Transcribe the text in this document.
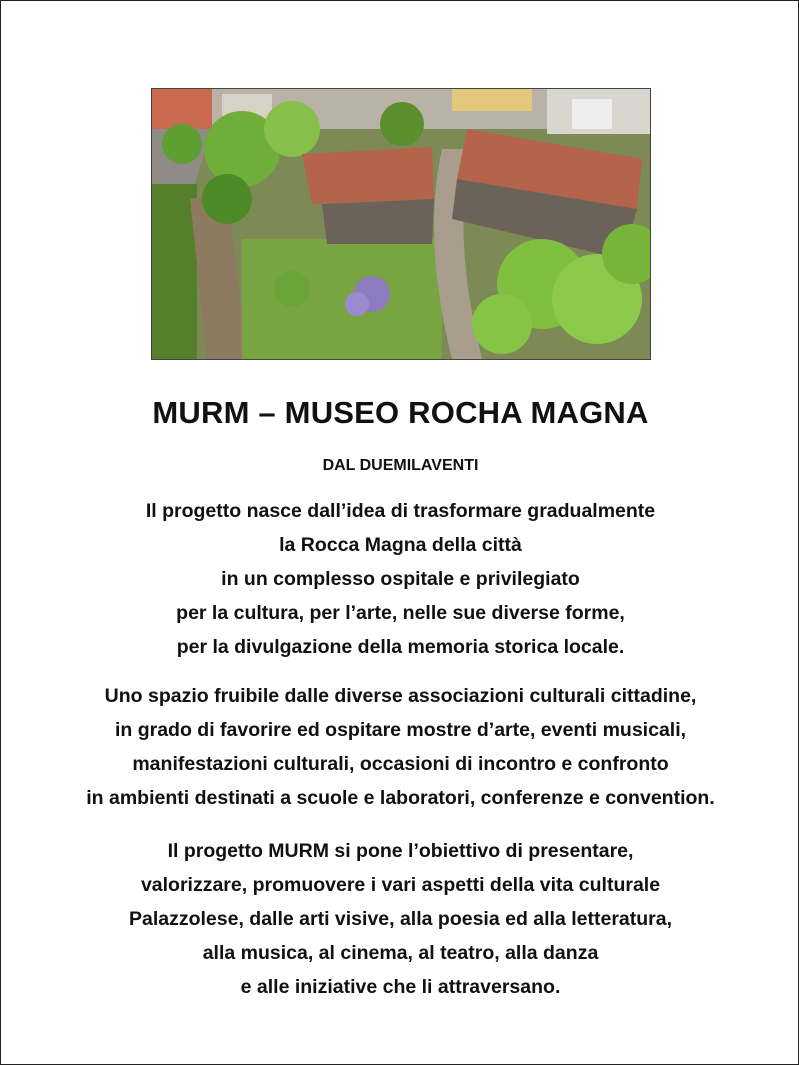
MURM – MUSEO ROCHA MAGNA
DAL DUEMILAVENTI
Il progetto nasce dall’idea di trasformare gradualmente
la Rocca Magna della città
in un complesso ospitale e privilegiato
per la cultura, per l’arte, nelle sue diverse forme,
per la divulgazione della memoria storica locale.
Uno spazio fruibile dalle diverse associazioni culturali cittadine,
in grado di favorire ed ospitare mostre d’arte, eventi musicali,
manifestazioni culturali, occasioni di incontro e confronto
in ambienti destinati a scuole e laboratori, conferenze e convention.
Il progetto MURM si pone l’obiettivo di presentare,
valorizzare, promuovere i vari aspetti della vita culturale
Palazzolese, dalle arti visive, alla poesia ed alla letteratura,
alla musica, al cinema, al teatro, alla danza
e alle iniziative che li attraversano.
